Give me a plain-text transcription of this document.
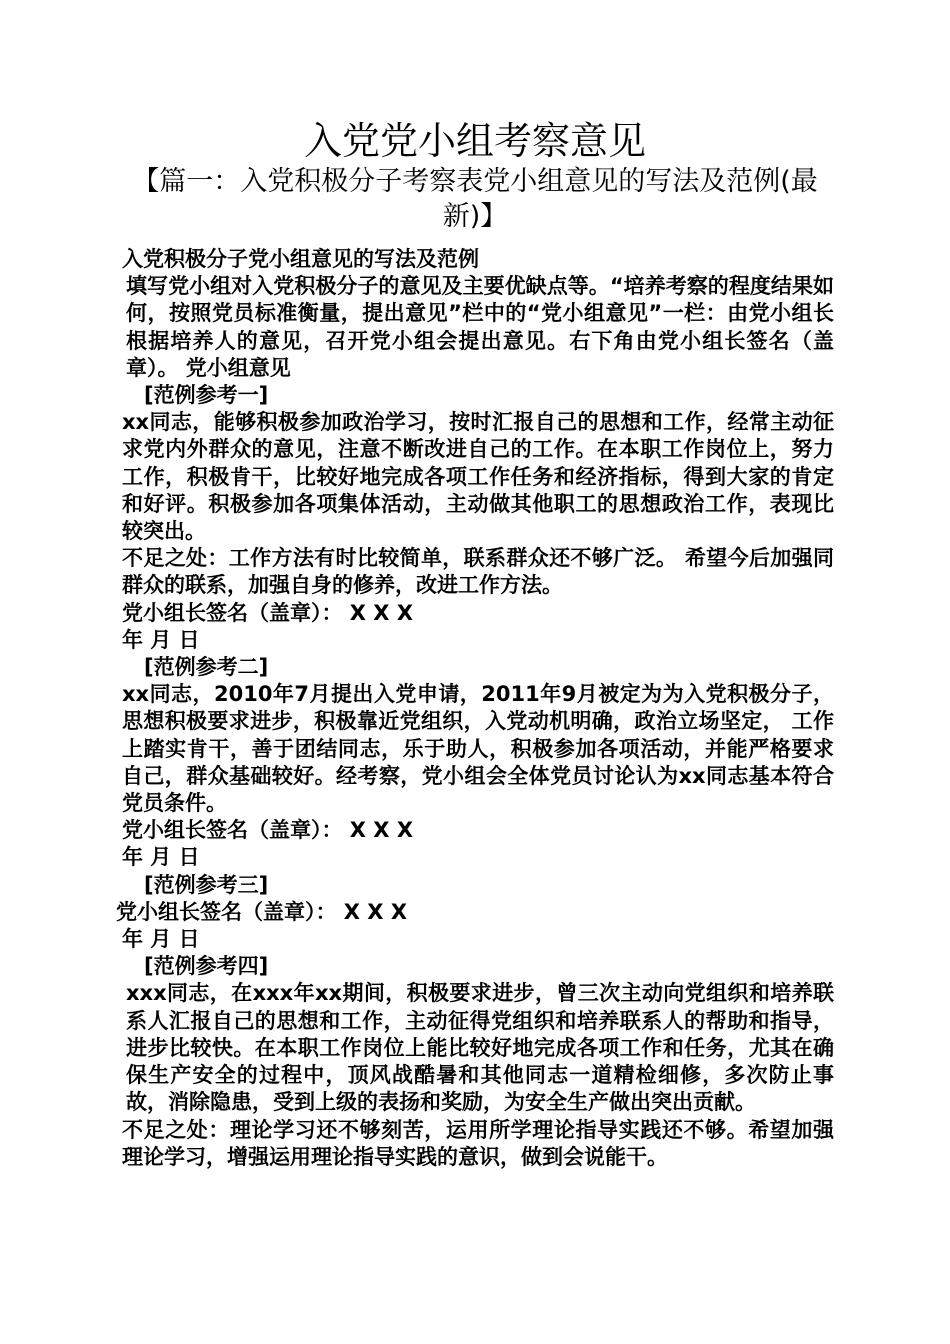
入党党小组考察意见
【篇一：入党积极分子考察表党小组意见的写法及范例(最新)】

入党积极分子党小组意见的写法及范例

填写党小组对入党积极分子的意见及主要优缺点等。“培养考察的程度结果如何，按照党员标准衡量，提出意见”栏中的“党小组意见”一栏：由党小组长根据培养人的意见，召开党小组会提出意见。右下角由党小组长签名（盖章）。 党小组意见

[范例参考一]

xx同志，能够积极参加政治学习，按时汇报自己的思想和工作，经常主动征求党内外群众的意见，注意不断改进自己的工作。在本职工作岗位上，努力工作，积极肯干，比较好地完成各项工作任务和经济指标，得到大家的肯定和好评。积极参加各项集体活动，主动做其他职工的思想政治工作，表现比较突出。

不足之处：工作方法有时比较简单，联系群众还不够广泛。 希望今后加强同群众的联系，加强自身的修养，改进工作方法。

党小组长签名（盖章）： X X X

年 月 日

[范例参考二]

xx同志，2010年7月提出入党申请，2011年9月被定为为入党积极分子，思想积极要求进步，积极靠近党组织，入党动机明确，政治立场坚定， 工作上踏实肯干，善于团结同志，乐于助人，积极参加各项活动，并能严格要求自己，群众基础较好。经考察，党小组会全体党员讨论认为xx同志基本符合党员条件。

党小组长签名（盖章）： X X X

年 月 日

[范例参考三]

党小组长签名（盖章）： X X X

年 月 日

[范例参考四]

xxx同志，在xxx年xx期间，积极要求进步，曾三次主动向党组织和培养联系人汇报自己的思想和工作，主动征得党组织和培养联系人的帮助和指导，进步比较快。在本职工作岗位上能比较好地完成各项工作和任务，尤其在确保生产安全的过程中，顶风战酷暑和其他同志一道精检细修，多次防止事故，消除隐患，受到上级的表扬和奖励，为安全生产做出突出贡献。

不足之处：理论学习还不够刻苦，运用所学理论指导实践还不够。希望加强理论学习，增强运用理论指导实践的意识，做到会说能干。
